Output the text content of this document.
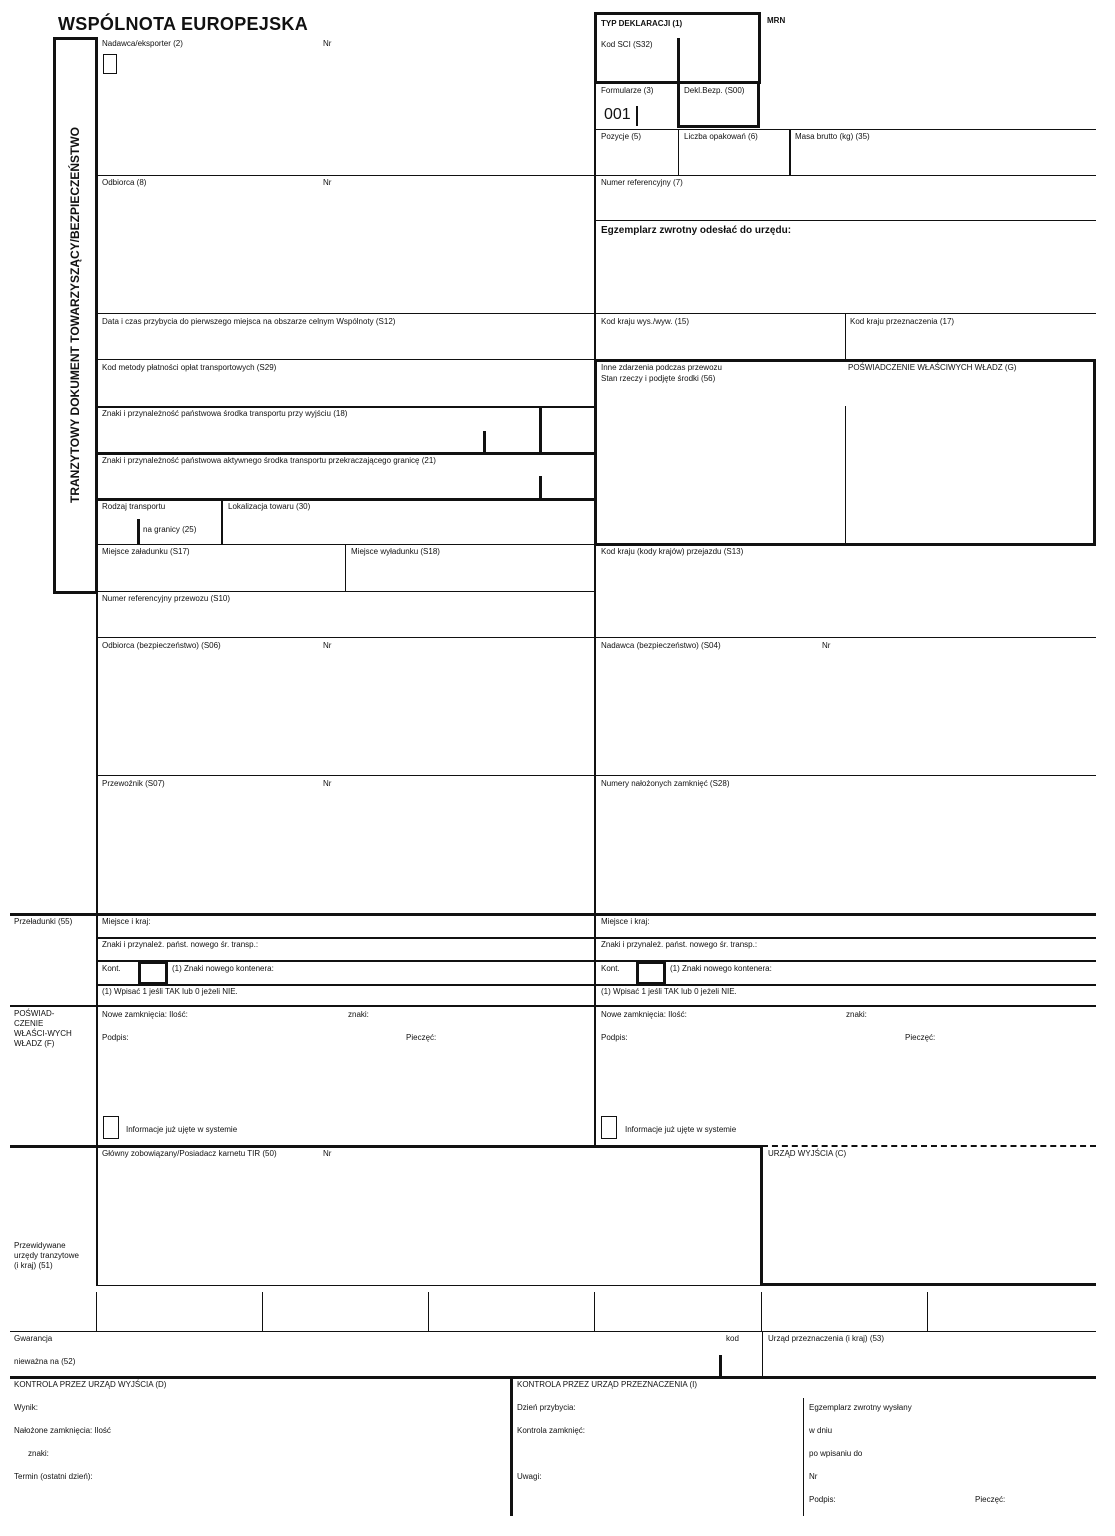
WSPÓLNOTA EUROPEJSKA
TRANZYTOWY DOKUMENT TOWARZYSZĄCY/BEZPIECZEŃSTWO
TYP DEKLARACJI (1)
Kod SCI (S32)
MRN
Formularze (3)
001
Dekl.Bezp. (S00)
Pozycje (5)	Liczba opakowań (6)	Masa brutto (kg) (35)
Nadawca/eksporter (2)	Nr
Odbiorca (8)	Nr	Numer referencyjny (7)
Egzemplarz zwrotny odesłać do urzędu:
Data i czas przybycia do pierwszego miejsca na obszarze celnym Wspólnoty (S12)	Kod kraju wys./wyw. (15)	Kod kraju przeznaczenia (17)
Kod metody płatności opłat transportowych (S29)
Znaki i przynależność państwowa środka transportu przy wyjściu (18)
Znaki i przynależność państwowa aktywnego środka transportu przekraczającego granicę (21)
Rodzaj transportu
na granicy (25)
Lokalizacja towaru (30)
Miejsce załadunku (S17)	Miejsce wyładunku (S18)
Numer referencyjny przewozu (S10)
Odbiorca (bezpieczeństwo) (S06)	Nr	Nadawca (bezpieczeństwo) (S04)	Nr
Przewoźnik (S07)	Nr	Numery nałożonych zamknięć (S28)
Inne zdarzenia podczas przewozu
Stan rzeczy i podjęte środki (56)
POŚWIADCZENIE WŁAŚCIWYCH WŁADZ (G)
Kod kraju (kody krajów) przejazdu (S13)
Przeładunki (55)	Miejsce i kraj:	Miejsce i kraj:
Znaki i przynależ. państ. nowego śr. transp.:	Znaki i przynależ. państ. nowego śr. transp.:
Kont.	(1) Znaki nowego kontenera:	Kont.	(1) Znaki nowego kontenera:
(1) Wpisać 1 jeśli TAK lub 0 jeżeli NIE.	(1) Wpisać 1 jeśli TAK lub 0 jeżeli NIE.
POŚWIAD-CZENIE WŁAŚCI-WYCH WŁADZ (F)
Nowe zamknięcia: Ilość:	znaki:
Podpis:	Pieczęć:
Informacje już ujęte w systemie
Nowe zamknięcia: Ilość:	znaki:
Podpis:	Pieczęć:
Informacje już ujęte w systemie
Główny zobowiązany/Posiadacz karnetu TIR (50)	Nr	URZĄD WYJŚCIA (C)
Przewidywane urzędy tranzytowe (i kraj) (51)
Gwarancja	kod	Urząd przeznaczenia (i kraj) (53)
nieważna na (52)
KONTROLA PRZEZ URZĄD WYJŚCIA (D)
Wynik:
Nałożone zamknięcia: Ilość
znaki:
Termin (ostatni dzień):
KONTROLA PRZEZ URZĄD PRZEZNACZENIA (I)
Dzień przybycia:
Kontrola zamknięć:
Uwagi:
Egzemplarz zwrotny wysłany
w dniu
po wpisaniu do
Nr
Podpis:	Pieczęć:
